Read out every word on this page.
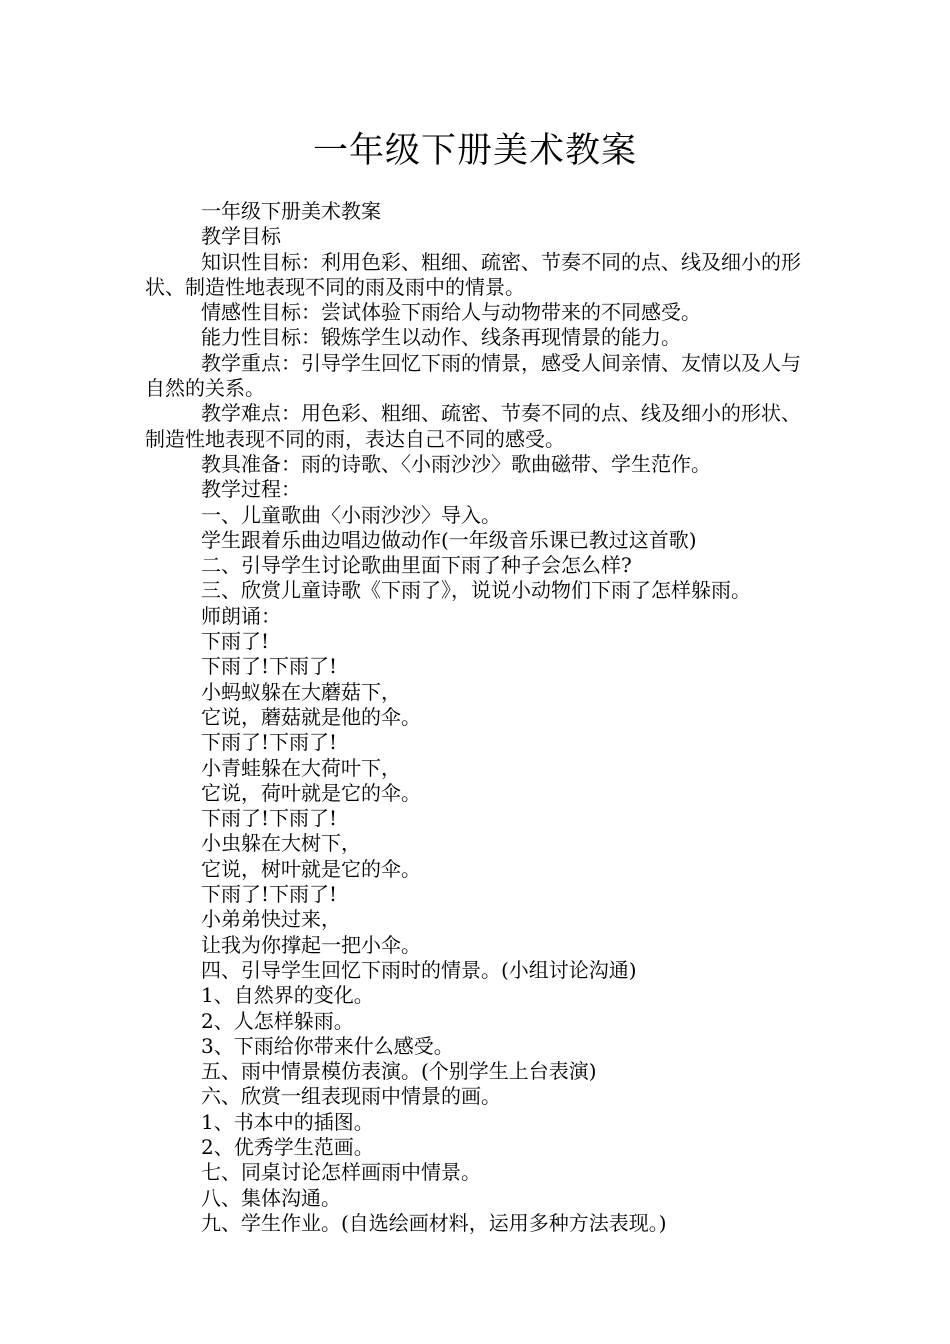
一年级下册美术教案

一年级下册美术教案

教学目标

知识性目标：利用色彩、粗细、疏密、节奏不同的点、线及细小的形状、制造性地表现不同的雨及雨中的情景。

情感性目标：尝试体验下雨给人与动物带来的不同感受。

能力性目标：锻炼学生以动作、线条再现情景的能力。

教学重点：引导学生回忆下雨的情景，感受人间亲情、友情以及人与自然的关系。

教学难点：用色彩、粗细、疏密、节奏不同的点、线及细小的形状、制造性地表现不同的雨，表达自己不同的感受。

教具准备：雨的诗歌、〈小雨沙沙〉歌曲磁带、学生范作。

教学过程：

一、儿童歌曲〈小雨沙沙〉导入。

学生跟着乐曲边唱边做动作(一年级音乐课已教过这首歌)

二、引导学生讨论歌曲里面下雨了种子会怎么样?

三、欣赏儿童诗歌《下雨了》，说说小动物们下雨了怎样躲雨。

师朗诵：

下雨了!

下雨了!下雨了!

小蚂蚁躲在大蘑菇下，

它说，蘑菇就是他的伞。

下雨了!下雨了!

小青蛙躲在大荷叶下，

它说，荷叶就是它的伞。

下雨了!下雨了!

小虫躲在大树下，

它说，树叶就是它的伞。

下雨了!下雨了!

小弟弟快过来，

让我为你撑起一把小伞。

四、引导学生回忆下雨时的情景。(小组讨论沟通)

1、自然界的变化。

2、人怎样躲雨。

3、下雨给你带来什么感受。

五、雨中情景模仿表演。(个别学生上台表演)

六、欣赏一组表现雨中情景的画。

1、书本中的插图。

2、优秀学生范画。

七、同桌讨论怎样画雨中情景。

八、集体沟通。

九、学生作业。(自选绘画材料，运用多种方法表现。)
